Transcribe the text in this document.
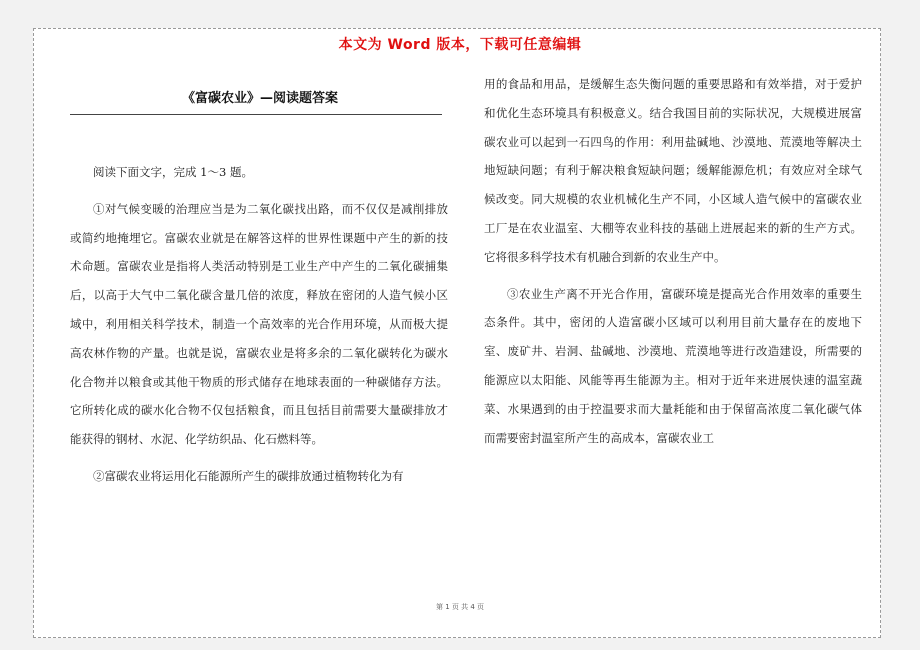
本文为 Word 版本，下载可任意编辑
《富碳农业》—阅读题答案

阅读下面文字，完成 1～3 题。

①对气候变暖的治理应当是为二氧化碳找出路，而不仅仅是减削排放或简约地掩埋它。富碳农业就是在解答这样的世界性课题中产生的新的技术命题。富碳农业是指将人类活动特别是工业生产中产生的二氧化碳捕集后，以高于大气中二氧化碳含量几倍的浓度，释放在密闭的人造气候小区域中，利用相关科学技术，制造一个高效率的光合作用环境，从而极大提高农林作物的产量。也就是说，富碳农业是将多余的二氧化碳转化为碳水化合物并以粮食或其他干物质的形式储存在地球表面的一种碳储存方法。它所转化成的碳水化合物不仅包括粮食，而且包括目前需要大量碳排放才能获得的钢材、水泥、化学纺织品、化石燃料等。

②富碳农业将运用化石能源所产生的碳排放通过植物转化为有

用的食品和用品，是缓解生态失衡问题的重要思路和有效举措，对于爱护和优化生态环境具有积极意义。结合我国目前的实际状况，大规模进展富碳农业可以起到一石四鸟的作用：利用盐碱地、沙漠地、荒漠地等解决土地短缺问题；有利于解决粮食短缺问题；缓解能源危机；有效应对全球气候改变。同大规模的农业机械化生产不同，小区域人造气候中的富碳农业工厂是在农业温室、大棚等农业科技的基础上进展起来的新的生产方式。它将很多科学技术有机融合到新的农业生产中。

③农业生产离不开光合作用，富碳环境是提高光合作用效率的重要生态条件。其中，密闭的人造富碳小区域可以利用目前大量存在的废地下室、废矿井、岩洞、盐碱地、沙漠地、荒漠地等进行改造建设，所需要的能源应以太阳能、风能等再生能源为主。相对于近年来进展快速的温室蔬菜、水果遇到的由于控温要求而大量耗能和由于保留高浓度二氧化碳气体而需要密封温室所产生的高成本，富碳农业工

第 1 页 共 4 页
